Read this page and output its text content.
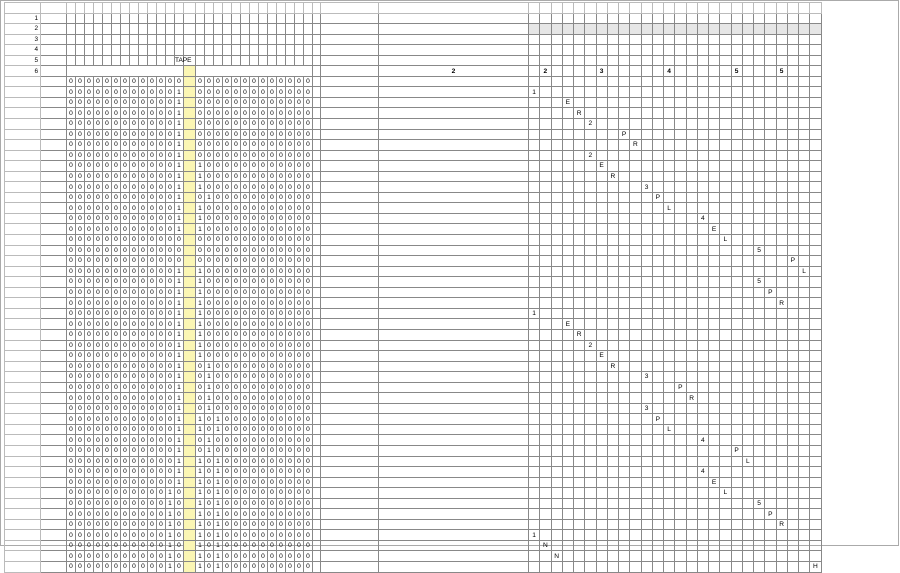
1																																																									
2																																																									
3																																																									
4																																																									
5														TAPE																																											
6																															2		2					3						4						5				5			
		0	0	0	0	0	0	0	0	0	0	0	0	0		0	0	0	0	0	0	0	0	0	0	0	0	0																													
		0	0	0	0	0	0	0	0	0	0	0	0	1		0	0	0	0	0	0	0	0	0	0	0	0	0				1																									
		0	0	0	0	0	0	0	0	0	0	0	0	1		0	0	0	0	0	0	0	0	0	0	0	0	0							E																						
		0	0	0	0	0	0	0	0	0	0	0	0	1		0	0	0	0	0	0	0	0	0	0	0	0	0								R																					
		0	0	0	0	0	0	0	0	0	0	0	0	1		0	0	0	0	0	0	0	0	0	0	0	0	0									2																				
		0	0	0	0	0	0	0	0	0	0	0	0	1		0	0	0	0	0	0	0	0	0	0	0	0	0												P																	
		0	0	0	0	0	0	0	0	0	0	0	0	1		0	0	0	0	0	0	0	0	0	0	0	0	0													R																
		0	0	0	0	0	0	0	0	0	0	0	0	1		0	0	0	0	0	0	0	0	0	0	0	0	0									2																				
		0	0	0	0	0	0	0	0	0	0	0	0	1		1	0	0	0	0	0	0	0	0	0	0	0	0										E																			
		0	0	0	0	0	0	0	0	0	0	0	0	1		1	0	0	0	0	0	0	0	0	0	0	0	0											R																		
		0	0	0	0	0	0	0	0	0	0	0	0	1		1	0	0	0	0	0	0	0	0	0	0	0	0														3															
		0	0	0	0	0	0	0	0	0	0	0	0	1		0	1	0	0	0	0	0	0	0	0	0	0	0															P														
		0	0	0	0	0	0	0	0	0	0	0	0	1		1	0	0	0	0	0	0	0	0	0	0	0	0																L													
		0	0	0	0	0	0	0	0	0	0	0	0	1		1	0	0	0	0	0	0	0	0	0	0	0	0																			4										
		0	0	0	0	0	0	0	0	0	0	0	0	1		1	0	0	0	0	0	0	0	0	0	0	0	0																				E									
		0	0	0	0	0	0	0	0	0	0	0	0	0		0	0	0	0	0	0	0	0	0	0	0	0	0																					L								
		0	0	0	0	0	0	0	0	0	0	0	0	0		0	0	0	0	0	0	0	0	0	0	0	0	0																								5					
		0	0	0	0	0	0	0	0	0	0	0	0	0		0	0	0	0	0	0	0	0	0	0	0	0	0																											P		
		0	0	0	0	0	0	0	0	0	0	0	0	1		1	0	0	0	0	0	0	0	0	0	0	0	0																												L	
		0	0	0	0	0	0	0	0	0	0	0	0	1		1	0	0	0	0	0	0	0	0	0	0	0	0																								5					
		0	0	0	0	0	0	0	0	0	0	0	0	1		1	0	0	0	0	0	0	0	0	0	0	0	0																									P				
		0	0	0	0	0	0	0	0	0	0	0	0	1		1	0	0	0	0	0	0	0	0	0	0	0	0																										R			
		0	0	0	0	0	0	0	0	0	0	0	0	1		1	0	0	0	0	0	0	0	0	0	0	0	0				1																									
		0	0	0	0	0	0	0	0	0	0	0	0	1		1	0	0	0	0	0	0	0	0	0	0	0	0							E																						
		0	0	0	0	0	0	0	0	0	0	0	0	1		1	0	0	0	0	0	0	0	0	0	0	0	0								R																					
		0	0	0	0	0	0	0	0	0	0	0	0	1		1	0	0	0	0	0	0	0	0	0	0	0	0									2																				
		0	0	0	0	0	0	0	0	0	0	0	0	1		1	0	0	0	0	0	0	0	0	0	0	0	0										E																			
		0	0	0	0	0	0	0	0	0	0	0	0	1		0	1	0	0	0	0	0	0	0	0	0	0	0											R																		
		0	0	0	0	0	0	0	0	0	0	0	0	1		0	1	0	0	0	0	0	0	0	0	0	0	0														3															
		0	0	0	0	0	0	0	0	0	0	0	0	1		0	1	0	0	0	0	0	0	0	0	0	0	0																	P												
		0	0	0	0	0	0	0	0	0	0	0	0	1		0	1	0	0	0	0	0	0	0	0	0	0	0																		R											
		0	0	0	0	0	0	0	0	0	0	0	0	1		0	1	0	0	0	0	0	0	0	0	0	0	0														3															
		0	0	0	0	0	0	0	0	0	0	0	0	1		1	0	1	0	0	0	0	0	0	0	0	0	0															P														
		0	0	0	0	0	0	0	0	0	0	0	0	1		1	0	1	0	0	0	0	0	0	0	0	0	0																L													
		0	0	0	0	0	0	0	0	0	0	0	0	1		0	1	0	0	0	0	0	0	0	0	0	0	0																			4										
		0	0	0	0	0	0	0	0	0	0	0	0	1		0	1	0	0	0	0	0	0	0	0	0	0	0																						P							
		0	0	0	0	0	0	0	0	0	0	0	0	1		1	0	1	0	0	0	0	0	0	0	0	0	0																							L						
		0	0	0	0	0	0	0	0	0	0	0	0	1		1	0	1	0	0	0	0	0	0	0	0	0	0																			4										
		0	0	0	0	0	0	0	0	0	0	0	0	1		1	0	1	0	0	0	0	0	0	0	0	0	0																				E									
		0	0	0	0	0	0	0	0	0	0	0	1	0		1	0	1	0	0	0	0	0	0	0	0	0	0																					L								
		0	0	0	0	0	0	0	0	0	0	0	1	0		1	0	1	0	0	0	0	0	0	0	0	0	0																								5					
		0	0	0	0	0	0	0	0	0	0	0	1	0		1	0	1	0	0	0	0	0	0	0	0	0	0																									P				
		0	0	0	0	0	0	0	0	0	0	0	1	0		1	0	1	0	0	0	0	0	0	0	0	0	0																										R			
		0	0	0	0	0	0	0	0	0	0	0	1	0		1	0	1	0	0	0	0	0	0	0	0	0	0				1																									
		0	0	0	0	0	0	0	0	0	0	0	1	0		1	0	1	0	0	0	0	0	0	0	0	0	0					N																								
		0	0	0	0	0	0	0	0	0	0	0	1	0		1	0	1	0	0	0	0	0	0	0	0	0	0						N																							
		0	0	0	0	0	0	0	0	0	0	0	1	0		1	0	1	0	0	0	0	0	0	0	0	0	0																													H
